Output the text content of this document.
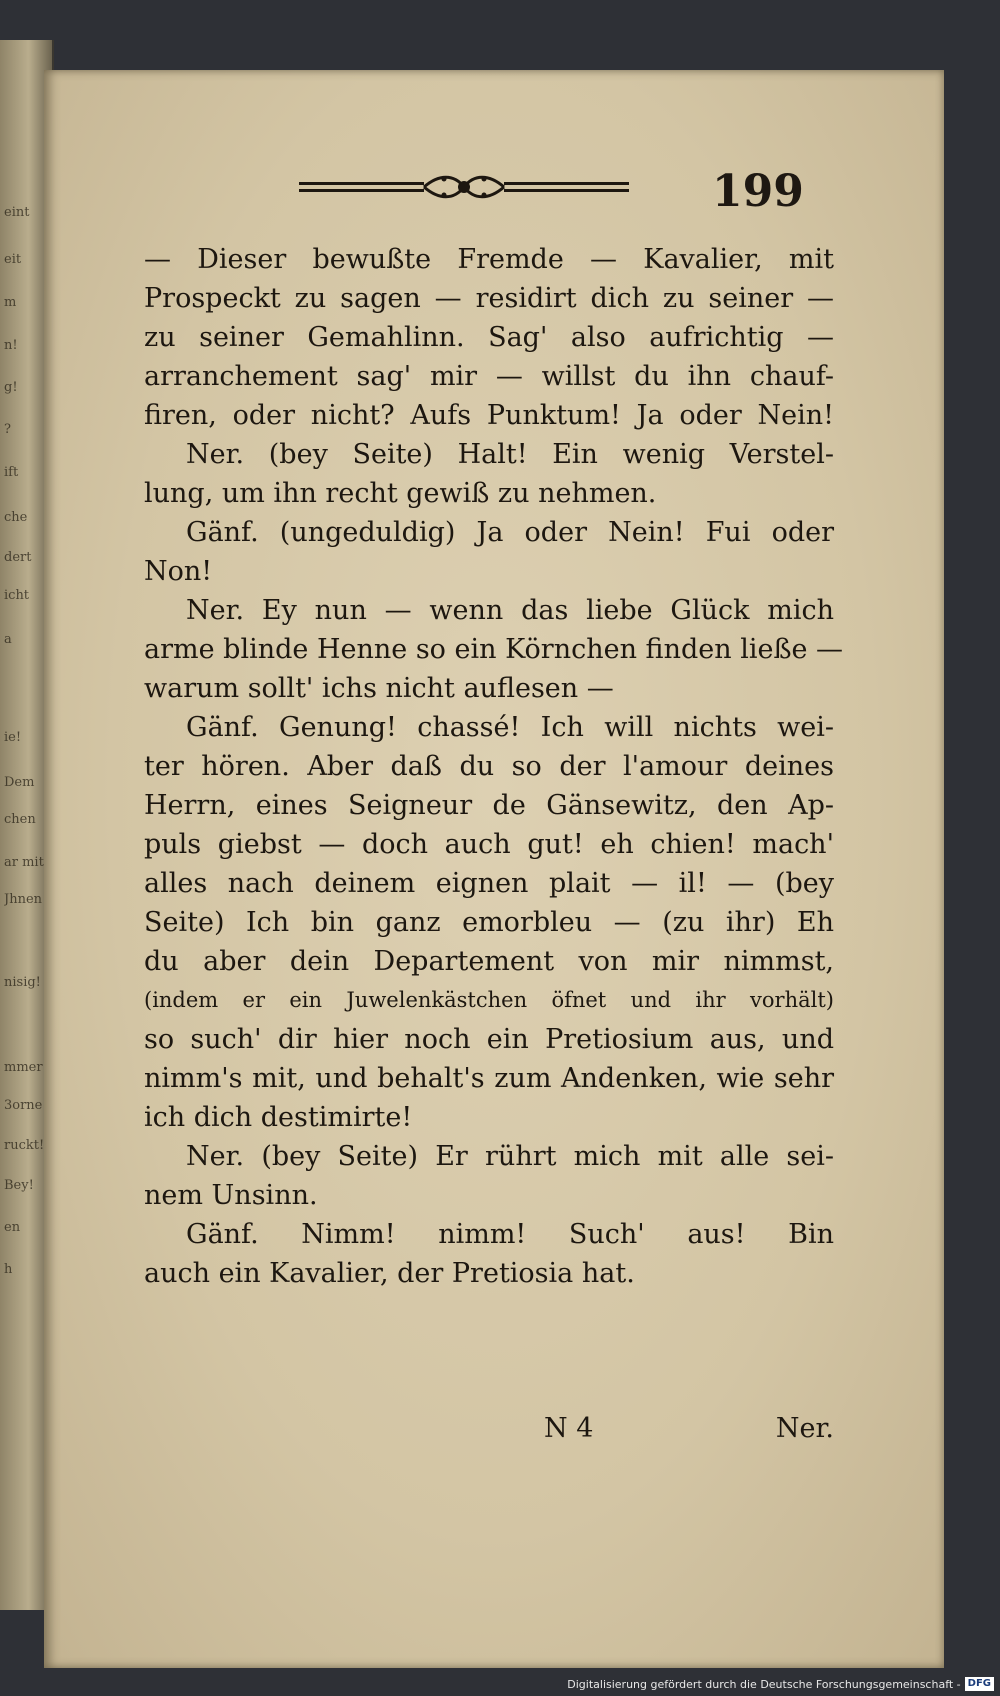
eint
eit
m
n!
g!
?
ift
che
dert
icht
a
ie!
Dem
chen
ar mit
Jhnen
nisig!
mmer
3orne
ruckt!
Bey!
en
h
199
— Dieser bewußte Fremde — Kavalier, mit
Prospeckt zu sagen — residirt dich zu seiner —
zu seiner Gemahlinn. Sag' also aufrichtig —
arranchement sag' mir — willst du ihn chauf-
firen, oder nicht? Aufs Punktum! Ja oder Nein!
Ner. (bey Seite) Halt! Ein wenig Verstel-
lung, um ihn recht gewiß zu nehmen.
Gänf. (ungeduldig) Ja oder Nein! Fui oder
Non!
Ner. Ey nun — wenn das liebe Glück mich
arme blinde Henne so ein Körnchen finden ließe —
warum sollt' ichs nicht auflesen —
Gänf. Genung! chassé! Ich will nichts wei-
ter hören. Aber daß du so der l'amour deines
Herrn, eines Seigneur de Gänsewitz, den Ap-
puls giebst — doch auch gut! eh chien! mach'
alles nach deinem eignen plait — il! — (bey
Seite) Ich bin ganz emorbleu — (zu ihr) Eh
du aber dein Departement von mir nimmst,
(indem er ein Juwelenkästchen öfnet und ihr vorhält)
so such' dir hier noch ein Pretiosium aus, und
nimm's mit, und behalt's zum Andenken, wie sehr
ich dich destimirte!
Ner. (bey Seite) Er rührt mich mit alle sei-
nem Unsinn.
Gänf. Nimm! nimm! Such' aus! Bin
auch ein Kavalier, der Pretiosia hat.
N 4	Ner.
Digitalisierung gefördert durch die Deutsche Forschungsgemeinschaft - DFG
